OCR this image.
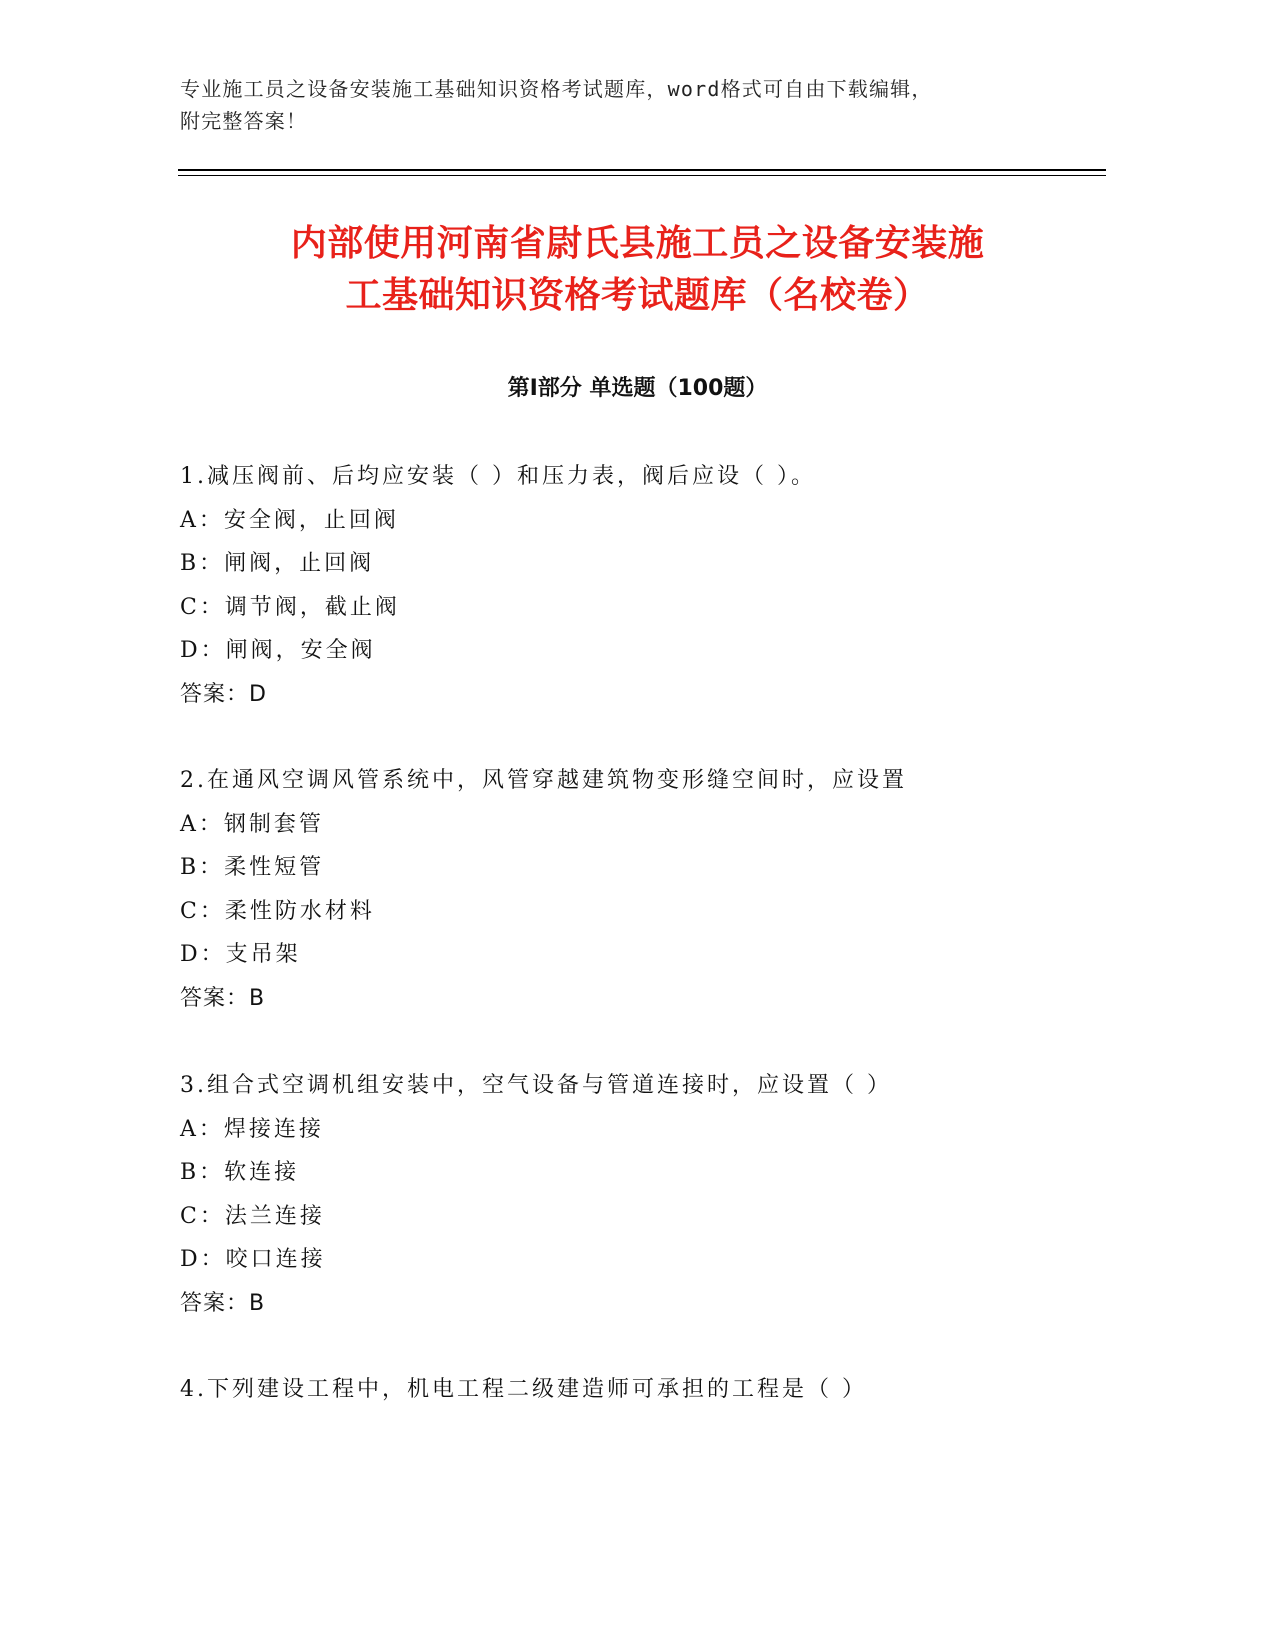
专业施工员之设备安装施工基础知识资格考试题库，word格式可自由下载编辑，
附完整答案！
内部使用河南省尉氏县施工员之设备安装施
工基础知识资格考试题库（名校卷）
第Ⅰ部分 单选题（100题）
1.减压阀前、后均应安装（ ）和压力表，阀后应设（ ）。
A：安全阀，止回阀
B：闸阀，止回阀
C：调节阀，截止阀
D：闸阀，安全阀
答案：D
2.在通风空调风管系统中，风管穿越建筑物变形缝空间时，应设置
A：钢制套管
B：柔性短管
C：柔性防水材料
D：支吊架
答案：B
3.组合式空调机组安装中，空气设备与管道连接时，应设置（ ）
A：焊接连接
B：软连接
C：法兰连接
D：咬口连接
答案：B
4.下列建设工程中，机电工程二级建造师可承担的工程是（ ）
